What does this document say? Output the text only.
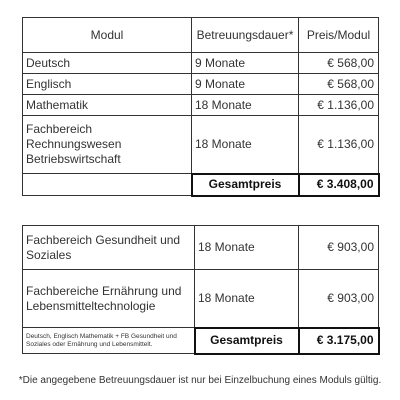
Modul	Betreuungsdauer*	Preis/Modul
Deutsch	9 Monate	€ 568,00
Englisch	9 Monate	€ 568,00
Mathematik	18 Monate	€ 1.136,00
Fachbereich Rechnungswesen Betriebswirtschaft	18 Monate	€ 1.136,00
	Gesamtpreis	€ 3.408,00
Fachbereich Gesundheit und Soziales	18 Monate	€ 903,00
Fachbereiche Ernährung und Lebensmitteltechnologie	18 Monate	€ 903,00
Deutsch, Englisch Mathematik + FB Gesundheit und Soziales oder Ernährung und Lebensmittelt.	Gesamtpreis	€ 3.175,00
*Die angegebene Betreuungsdauer ist nur bei Einzelbuchung eines Moduls gültig.
